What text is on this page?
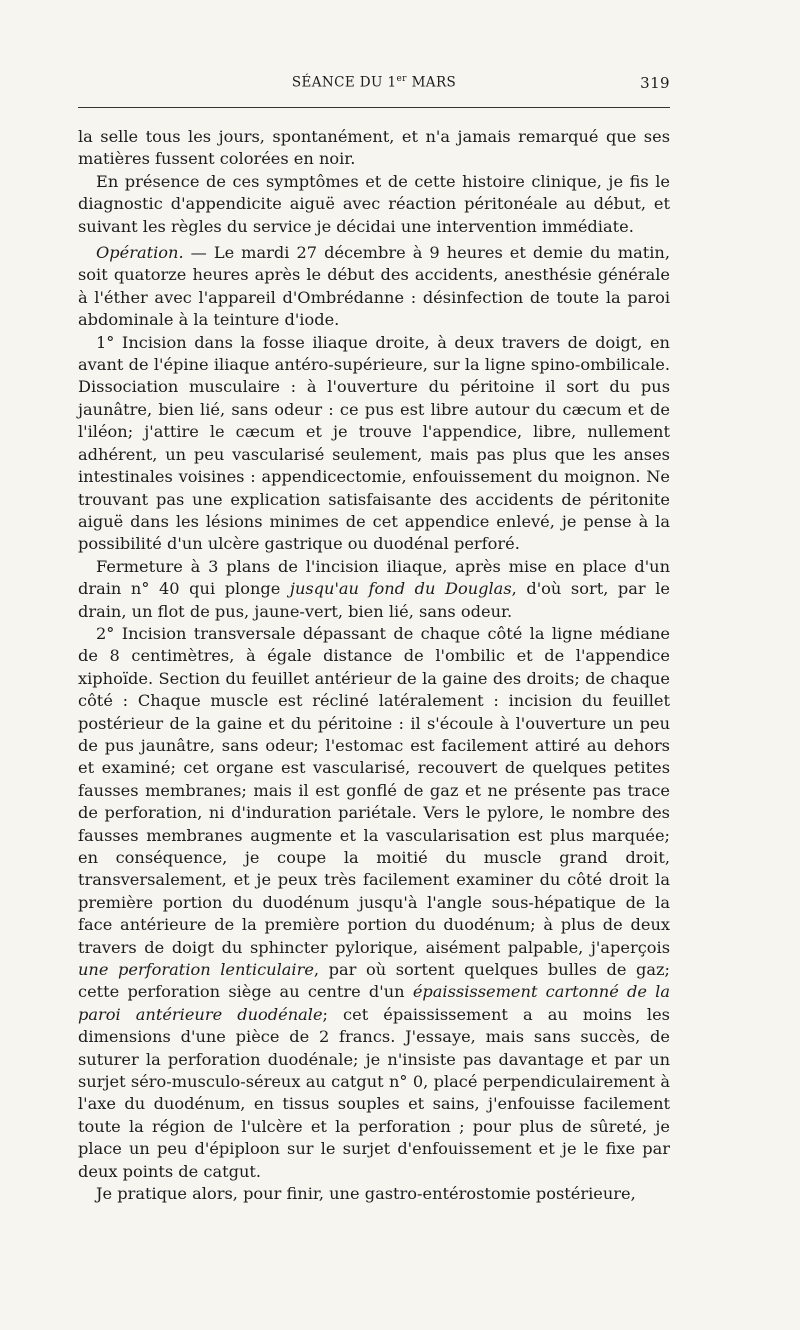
SÉANCE DU 1er MARS	319

la selle tous les jours, spontanément, et n'a jamais remarqué que ses matières fussent colorées en noir.

En présence de ces symptômes et de cette histoire clinique, je fis le diagnostic d'appendicite aiguë avec réaction péritonéale au début, et suivant les règles du service je décidai une intervention immédiate.

Opération. — Le mardi 27 décembre à 9 heures et demie du matin, soit quatorze heures après le début des accidents, anesthésie générale à l'éther avec l'appareil d'Ombrédanne : désinfection de toute la paroi abdominale à la teinture d'iode.

1° Incision dans la fosse iliaque droite, à deux travers de doigt, en avant de l'épine iliaque antéro-supérieure, sur la ligne spino-ombilicale. Dissociation musculaire : à l'ouverture du péritoine il sort du pus jaunâtre, bien lié, sans odeur : ce pus est libre autour du cæcum et de l'iléon; j'attire le cæcum et je trouve l'appendice, libre, nullement adhérent, un peu vascularisé seulement, mais pas plus que les anses intestinales voisines : appendicectomie, enfouissement du moignon. Ne trouvant pas une explication satisfaisante des accidents de péritonite aiguë dans les lésions minimes de cet appendice enlevé, je pense à la possibilité d'un ulcère gastrique ou duodénal perforé.

Fermeture à 3 plans de l'incision iliaque, après mise en place d'un drain n° 40 qui plonge jusqu'au fond du Douglas, d'où sort, par le drain, un flot de pus, jaune-vert, bien lié, sans odeur.

2° Incision transversale dépassant de chaque côté la ligne médiane de 8 centimètres, à égale distance de l'ombilic et de l'appendice xiphoïde. Section du feuillet antérieur de la gaine des droits; de chaque côté : Chaque muscle est récliné latéralement : incision du feuillet postérieur de la gaine et du péritoine : il s'écoule à l'ouverture un peu de pus jaunâtre, sans odeur; l'estomac est facilement attiré au dehors et examiné; cet organe est vascularisé, recouvert de quelques petites fausses membranes; mais il est gonflé de gaz et ne présente pas trace de perforation, ni d'induration pariétale. Vers le pylore, le nombre des fausses membranes augmente et la vascularisation est plus marquée; en conséquence, je coupe la moitié du muscle grand droit, transversalement, et je peux très facilement examiner du côté droit la première portion du duodénum jusqu'à l'angle sous-hépatique de la face antérieure de la première portion du duodénum; à plus de deux travers de doigt du sphincter pylorique, aisément palpable, j'aperçois une perforation lenticulaire, par où sortent quelques bulles de gaz; cette perforation siège au centre d'un épaississement cartonné de la paroi antérieure duodénale; cet épaississement a au moins les dimensions d'une pièce de 2 francs. J'essaye, mais sans succès, de suturer la perforation duodénale; je n'insiste pas davantage et par un surjet séro-musculo-séreux au catgut n° 0, placé perpendiculairement à l'axe du duodénum, en tissus souples et sains, j'enfouisse facilement toute la région de l'ulcère et la perforation ; pour plus de sûreté, je place un peu d'épiploon sur le surjet d'enfouissement et je le fixe par deux points de catgut.

Je pratique alors, pour finir, une gastro-entérostomie postérieure,
